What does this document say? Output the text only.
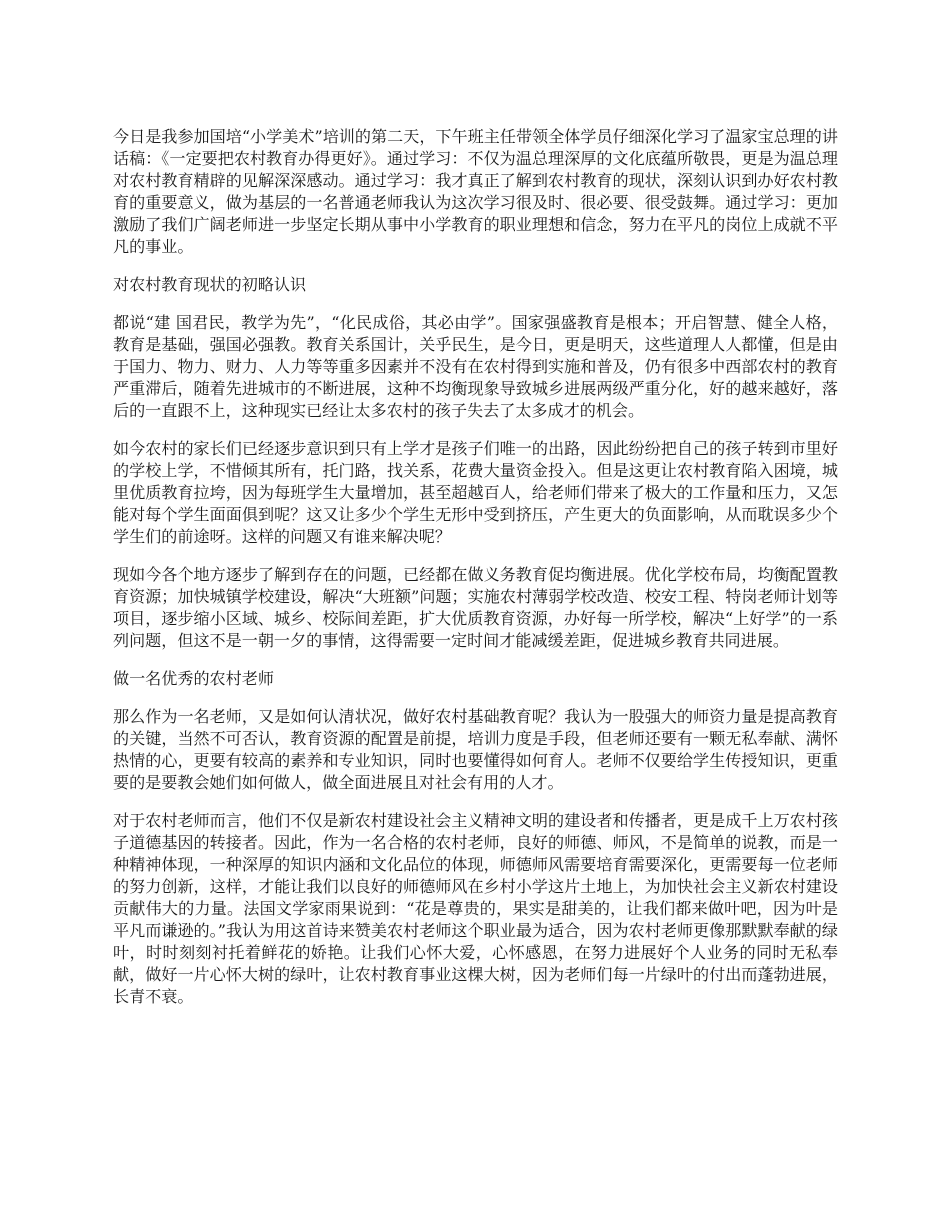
今日是我参加国培“小学美术”培训的第二天，下午班主任带领全体学员仔细深化学习了温家宝总理的讲话稿：《一定要把农村教育办得更好》。通过学习：不仅为温总理深厚的文化底蕴所敬畏，更是为温总理对农村教育精辟的见解深深感动。通过学习：我才真正了解到农村教育的现状，深刻认识到办好农村教育的重要意义，做为基层的一名普通老师我认为这次学习很及时、很必要、很受鼓舞。通过学习：更加激励了我们广阔老师进一步坚定长期从事中小学教育的职业理想和信念，努力在平凡的岗位上成就不平凡的事业。

对农村教育现状的初略认识

都说“建 国君民，教学为先”，“化民成俗，其必由学”。国家强盛教育是根本；开启智慧、健全人格，教育是基础，强国必强教。教育关系国计，关乎民生，是今日，更是明天，这些道理人人都懂，但是由于国力、物力、财力、人力等等重多因素并不没有在农村得到实施和普及，仍有很多中西部农村的教育严重滞后，随着先进城市的不断进展，这种不均衡现象导致城乡进展两级严重分化，好的越来越好，落后的一直跟不上，这种现实已经让太多农村的孩子失去了太多成才的机会。

如今农村的家长们已经逐步意识到只有上学才是孩子们唯一的出路，因此纷纷把自己的孩子转到市里好的学校上学，不惜倾其所有，托门路，找关系，花费大量资金投入。但是这更让农村教育陷入困境，城里优质教育拉垮，因为每班学生大量增加，甚至超越百人，给老师们带来了极大的工作量和压力，又怎能对每个学生面面俱到呢？这又让多少个学生无形中受到挤压，产生更大的负面影响，从而耽误多少个学生们的前途呀。这样的问题又有谁来解决呢？

现如今各个地方逐步了解到存在的问题，已经都在做义务教育促均衡进展。优化学校布局，均衡配置教育资源；加快城镇学校建设，解决“大班额”问题；实施农村薄弱学校改造、校安工程、特岗老师计划等项目，逐步缩小区域、城乡、校际间差距，扩大优质教育资源，办好每一所学校，解决“上好学”的一系列问题，但这不是一朝一夕的事情，这得需要一定时间才能减缓差距，促进城乡教育共同进展。

做一名优秀的农村老师

那么作为一名老师，又是如何认清状况，做好农村基础教育呢？我认为一股强大的师资力量是提高教育的关键，当然不可否认，教育资源的配置是前提，培训力度是手段，但老师还要有一颗无私奉献、满怀热情的心，更要有较高的素养和专业知识，同时也要懂得如何育人。老师不仅要给学生传授知识，更重要的是要教会她们如何做人，做全面进展且对社会有用的人才。

对于农村老师而言，他们不仅是新农村建设社会主义精神文明的建设者和传播者，更是成千上万农村孩子道德基因的转接者。因此，作为一名合格的农村老师，良好的师德、师风，不是简单的说教，而是一种精神体现，一种深厚的知识内涵和文化品位的体现，师德师风需要培育需要深化，更需要每一位老师的努力创新，这样，才能让我们以良好的师德师风在乡村小学这片土地上，为加快社会主义新农村建设贡献伟大的力量。法国文学家雨果说到：“花是尊贵的，果实是甜美的，让我们都来做叶吧，因为叶是平凡而谦逊的。”我认为用这首诗来赞美农村老师这个职业最为适合，因为农村老师更像那默默奉献的绿叶，时时刻刻衬托着鲜花的娇艳。让我们心怀大爱，心怀感恩，在努力进展好个人业务的同时无私奉献，做好一片心怀大树的绿叶，让农村教育事业这棵大树，因为老师们每一片绿叶的付出而蓬勃进展，长青不衰。
